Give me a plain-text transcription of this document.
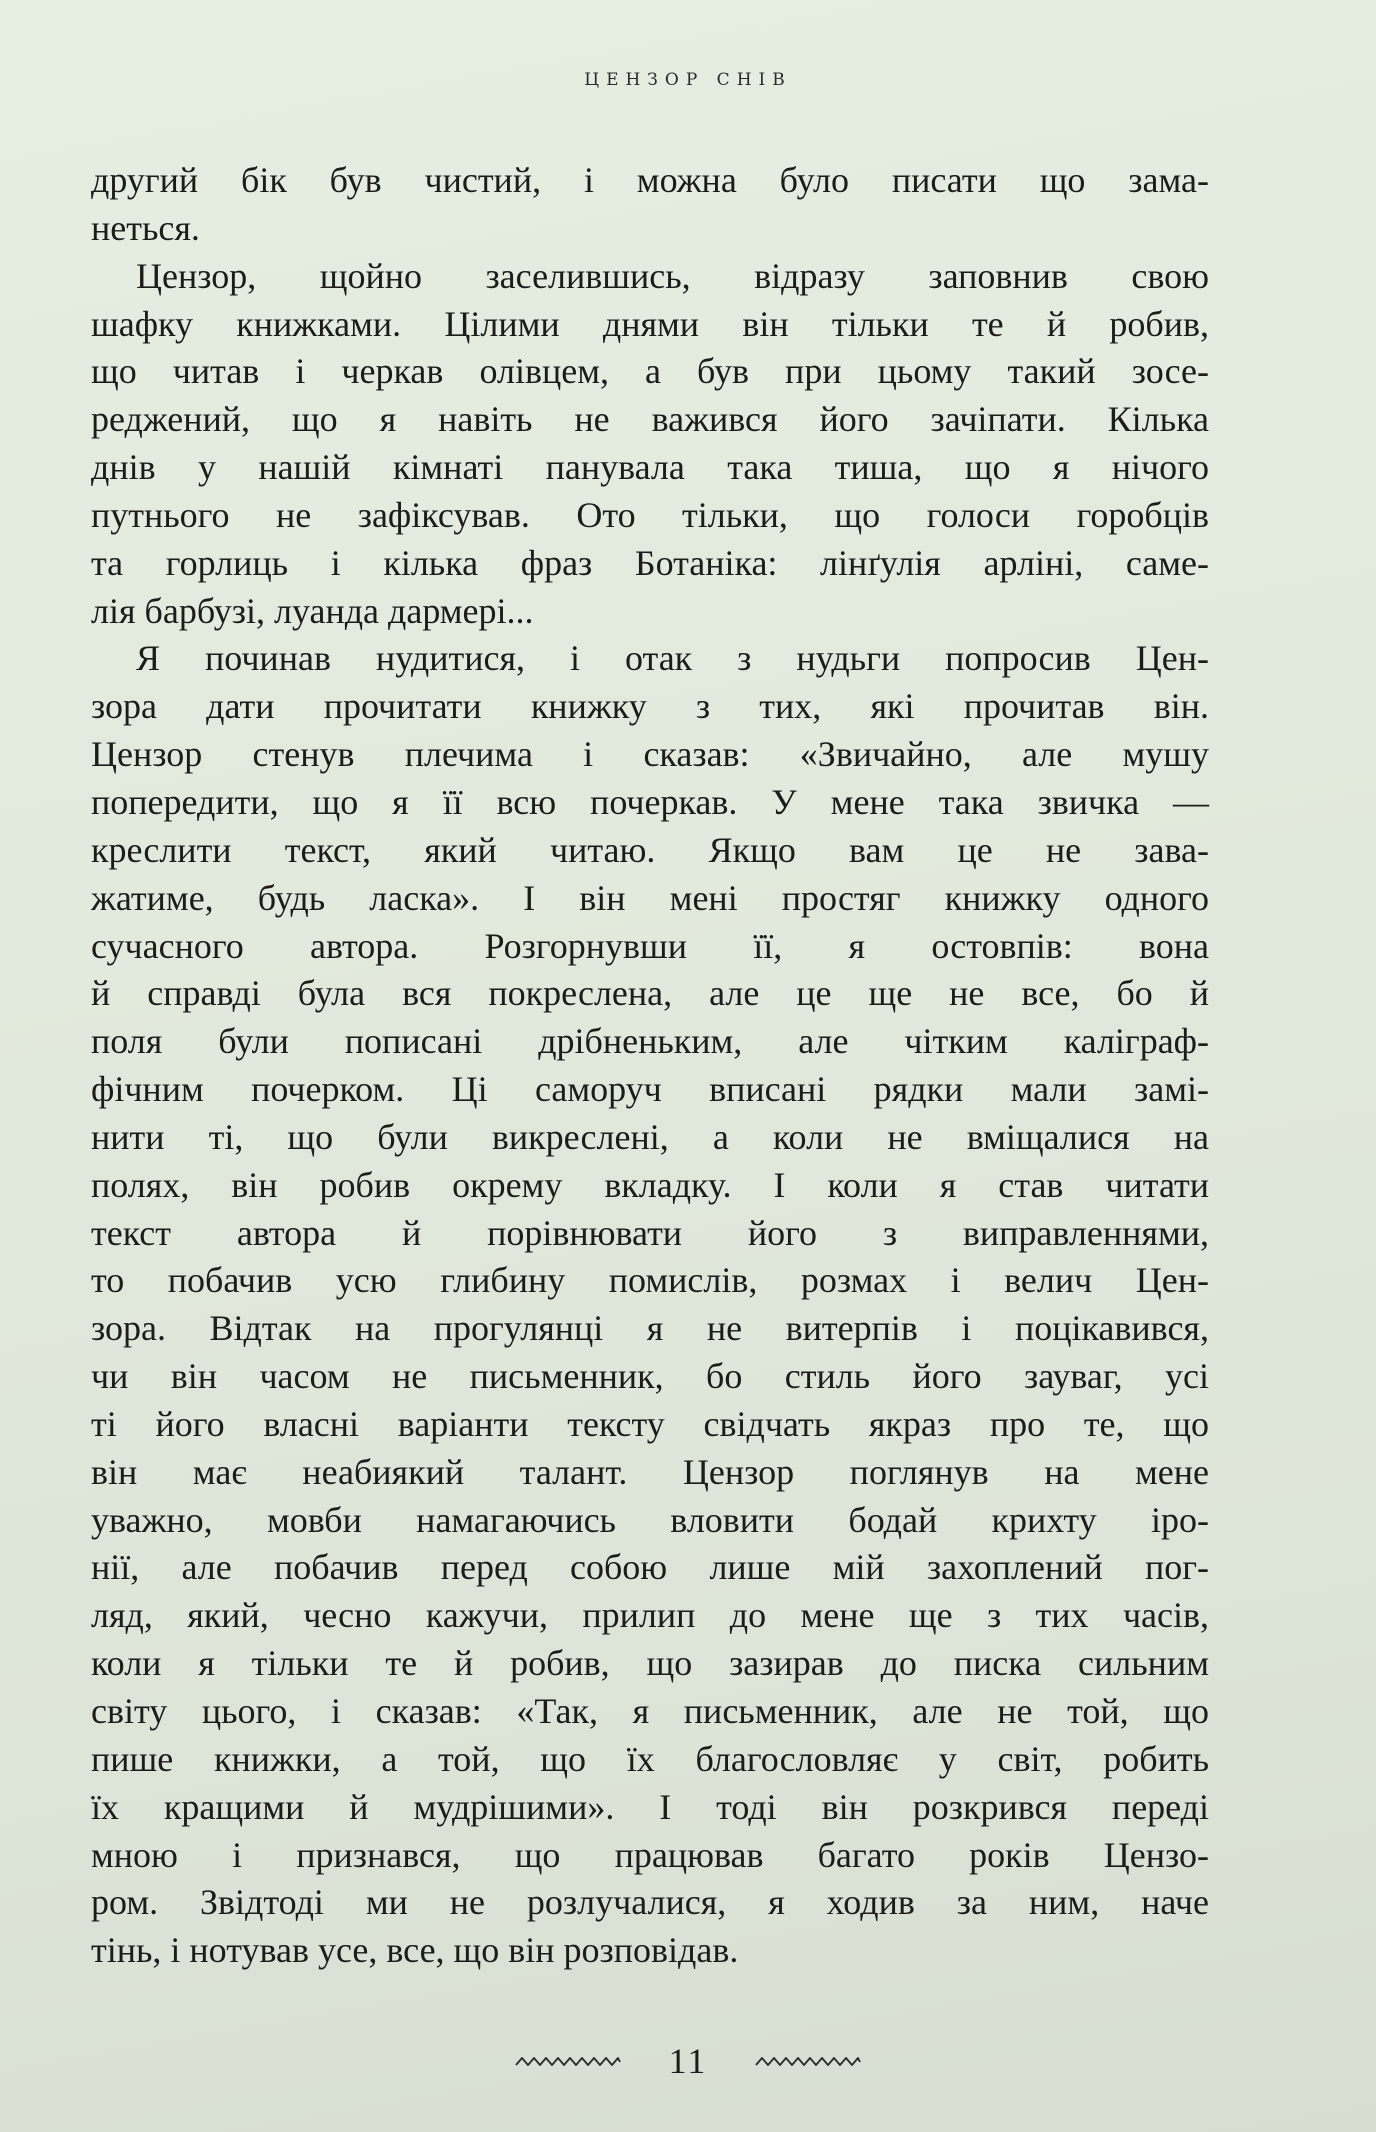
ЦЕНЗОР СНІВ
другий бік був чистий, і можна було писати що зама-
неться.
Цензор, щойно заселившись, відразу заповнив свою
шафку книжками. Цілими днями він тільки те й робив,
що читав і черкав олівцем, а був при цьому такий зосе-
реджений, що я навіть не важився його зачіпати. Кілька
днів у нашій кімнаті панувала така тиша, що я нічого
путнього не зафіксував. Ото тільки, що голоси горобців
та горлиць і кілька фраз Ботаніка: лінґулія арліні, саме-
лія барбузі, луанда дармері...
Я починав нудитися, і отак з нудьги попросив Цен-
зора дати прочитати книжку з тих, які прочитав він.
Цензор стенув плечима і сказав: «Звичайно, але мушу
попередити, що я її всю почеркав. У мене така звичка —
креслити текст, який читаю. Якщо вам це не зава-
жатиме, будь ласка». І він мені простяг книжку одного
сучасного автора. Розгорнувши її, я остовпів: вона
й справді була вся покреслена, але це ще не все, бо й
поля були пописані дрібненьким, але чітким каліграф-
фічним почерком. Ці саморуч вписані рядки мали замі-
нити ті, що були викреслені, а коли не вміщалися на
полях, він робив окрему вкладку. І коли я став читати
текст автора й порівнювати його з виправленнями,
то побачив усю глибину помислів, розмах і велич Цен-
зора. Відтак на прогулянці я не витерпів і поцікавився,
чи він часом не письменник, бо стиль його зауваг, усі
ті його власні варіанти тексту свідчать якраз про те, що
він має неабиякий талант. Цензор поглянув на мене
уважно, мовби намагаючись вловити бодай крихту іро-
нії, але побачив перед собою лише мій захоплений пог-
ляд, який, чесно кажучи, прилип до мене ще з тих часів,
коли я тільки те й робив, що зазирав до писка сильним
світу цього, і сказав: «Так, я письменник, але не той, що
пише книжки, а той, що їх благословляє у світ, робить
їх кращими й мудрішими». І тоді він розкрився переді
мною і признався, що працював багато років Цензо-
ром. Звідтоді ми не розлучалися, я ходив за ним, наче
тінь, і нотував усе, все, що він розповідав.
11
